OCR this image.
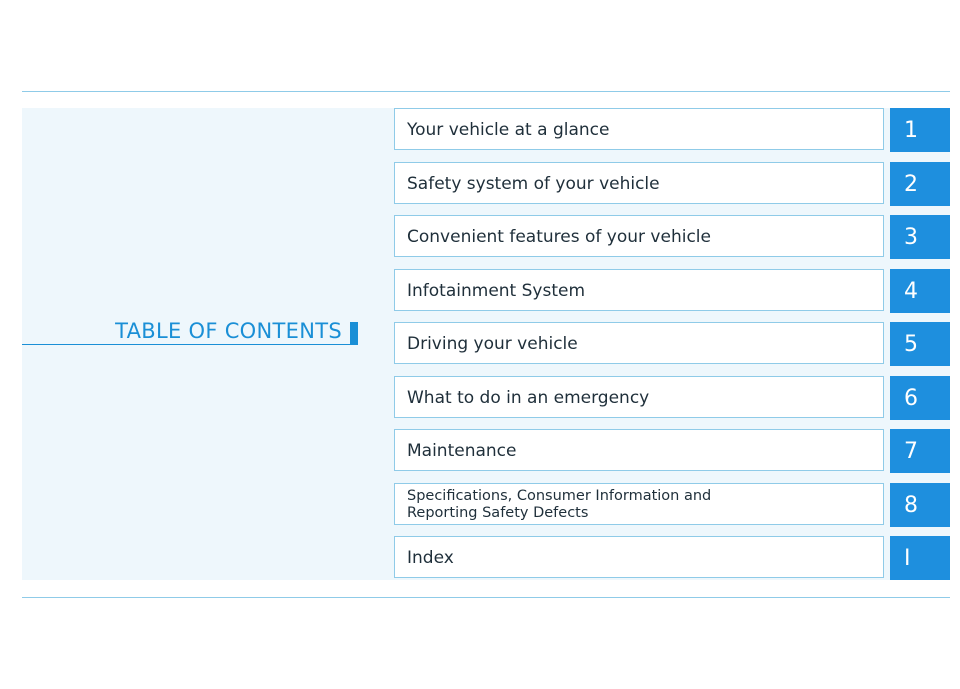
TABLE OF CONTENTS
Your vehicle at a glance	1
Safety system of your vehicle	2
Convenient features of your vehicle	3
Infotainment System	4
Driving your vehicle	5
What to do in an emergency	6
Maintenance	7
Specifications, Consumer Information and
Reporting Safety Defects	8
Index	I
